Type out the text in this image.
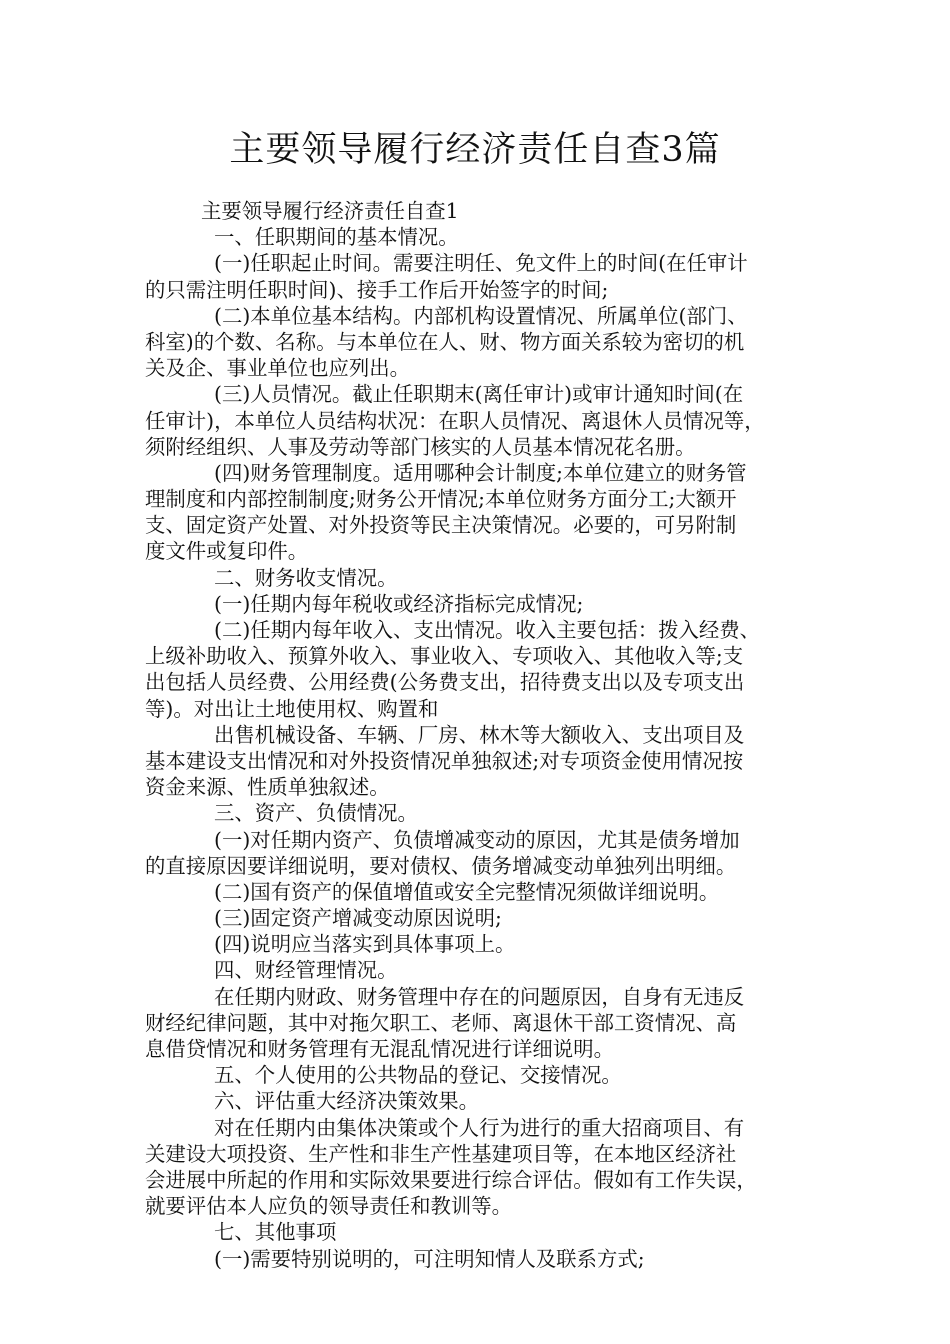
主要领导履行经济责任自查3篇
主要领导履行经济责任自查1
一、任职期间的基本情况。
(一)任职起止时间。需要注明任、免文件上的时间(在任审计
的只需注明任职时间)、接手工作后开始签字的时间;
(二)本单位基本结构。内部机构设置情况、所属单位(部门、
科室)的个数、名称。与本单位在人、财、物方面关系较为密切的机
关及企、事业单位也应列出。
(三)人员情况。截止任职期末(离任审计)或审计通知时间(在
任审计)，本单位人员结构状况：在职人员情况、离退休人员情况等，
须附经组织、人事及劳动等部门核实的人员基本情况花名册。
(四)财务管理制度。适用哪种会计制度;本单位建立的财务管
理制度和内部控制制度;财务公开情况;本单位财务方面分工;大额开
支、固定资产处置、对外投资等民主决策情况。必要的，可另附制
度文件或复印件。
二、财务收支情况。
(一)任期内每年税收或经济指标完成情况;
(二)任期内每年收入、支出情况。收入主要包括：拨入经费、
上级补助收入、预算外收入、事业收入、专项收入、其他收入等;支
出包括人员经费、公用经费(公务费支出，招待费支出以及专项支出
等)。对出让土地使用权、购置和
出售机械设备、车辆、厂房、林木等大额收入、支出项目及
基本建设支出情况和对外投资情况单独叙述;对专项资金使用情况按
资金来源、性质单独叙述。
三、资产、负债情况。
(一)对任期内资产、负债增减变动的原因，尤其是债务增加
的直接原因要详细说明，要对债权、债务增减变动单独列出明细。
(二)国有资产的保值增值或安全完整情况须做详细说明。
(三)固定资产增减变动原因说明;
(四)说明应当落实到具体事项上。
四、财经管理情况。
在任期内财政、财务管理中存在的问题原因，自身有无违反
财经纪律问题，其中对拖欠职工、老师、离退休干部工资情况、高
息借贷情况和财务管理有无混乱情况进行详细说明。
五、个人使用的公共物品的登记、交接情况。
六、评估重大经济决策效果。
对在任期内由集体决策或个人行为进行的重大招商项目、有
关建设大项投资、生产性和非生产性基建项目等，在本地区经济社
会进展中所起的作用和实际效果要进行综合评估。假如有工作失误，
就要评估本人应负的领导责任和教训等。
七、其他事项
(一)需要特别说明的，可注明知情人及联系方式;
